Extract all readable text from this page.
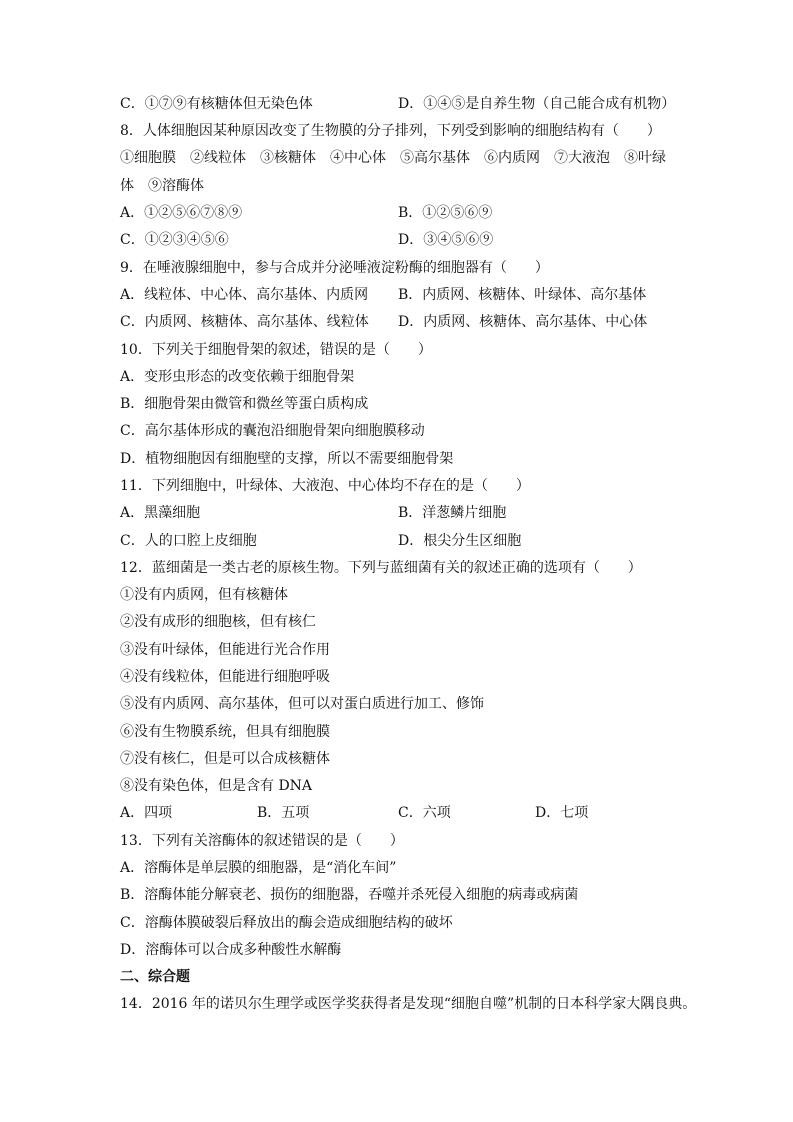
C．①⑦⑨有核糖体但无染色体	D．①④⑤是自养生物（自己能合成有机物）
8．人体细胞因某种原因改变了生物膜的分子排列，下列受到影响的细胞结构有（　　）
①细胞膜　②线粒体　③核糖体　④中心体　⑤高尔基体　⑥内质网　⑦大液泡　⑧叶绿
体　⑨溶酶体
A．①②⑤⑥⑦⑧⑨	B．①②⑤⑥⑨
C．①②③④⑤⑥	D．③④⑤⑥⑨
9．在唾液腺细胞中，参与合成并分泌唾液淀粉酶的细胞器有（　　）
A．线粒体、中心体、高尔基体、内质网 B．内质网、核糖体、叶绿体、高尔基体
C．内质网、核糖体、高尔基体、线粒体 D．内质网、核糖体、高尔基体、中心体
10．下列关于细胞骨架的叙述，错误的是（　　）
A．变形虫形态的改变依赖于细胞骨架
B．细胞骨架由微管和微丝等蛋白质构成
C．高尔基体形成的囊泡沿细胞骨架向细胞膜移动
D．植物细胞因有细胞壁的支撑，所以不需要细胞骨架
11．下列细胞中，叶绿体、大液泡、中心体均不存在的是（　　）
A．黑藻细胞	B．洋葱鳞片细胞
C．人的口腔上皮细胞	D．根尖分生区细胞
12．蓝细菌是一类古老的原核生物。下列与蓝细菌有关的叙述正确的选项有（　　）
①没有内质网，但有核糖体
②没有成形的细胞核，但有核仁
③没有叶绿体，但能进行光合作用
④没有线粒体，但能进行细胞呼吸
⑤没有内质网、高尔基体，但可以对蛋白质进行加工、修饰
⑥没有生物膜系统，但具有细胞膜
⑦没有核仁，但是可以合成核糖体
⑧没有染色体，但是含有 DNA
A．四项	B．五项	C．六项	D．七项
13．下列有关溶酶体的叙述错误的是（　　）
A．溶酶体是单层膜的细胞器，是“消化车间”
B．溶酶体能分解衰老、损伤的细胞器，吞噬并杀死侵入细胞的病毒或病菌
C．溶酶体膜破裂后释放出的酶会造成细胞结构的破坏
D．溶酶体可以合成多种酸性水解酶
二、综合题
14．2016 年的诺贝尔生理学或医学奖获得者是发现“细胞自噬”机制的日本科学家大隅良典。
